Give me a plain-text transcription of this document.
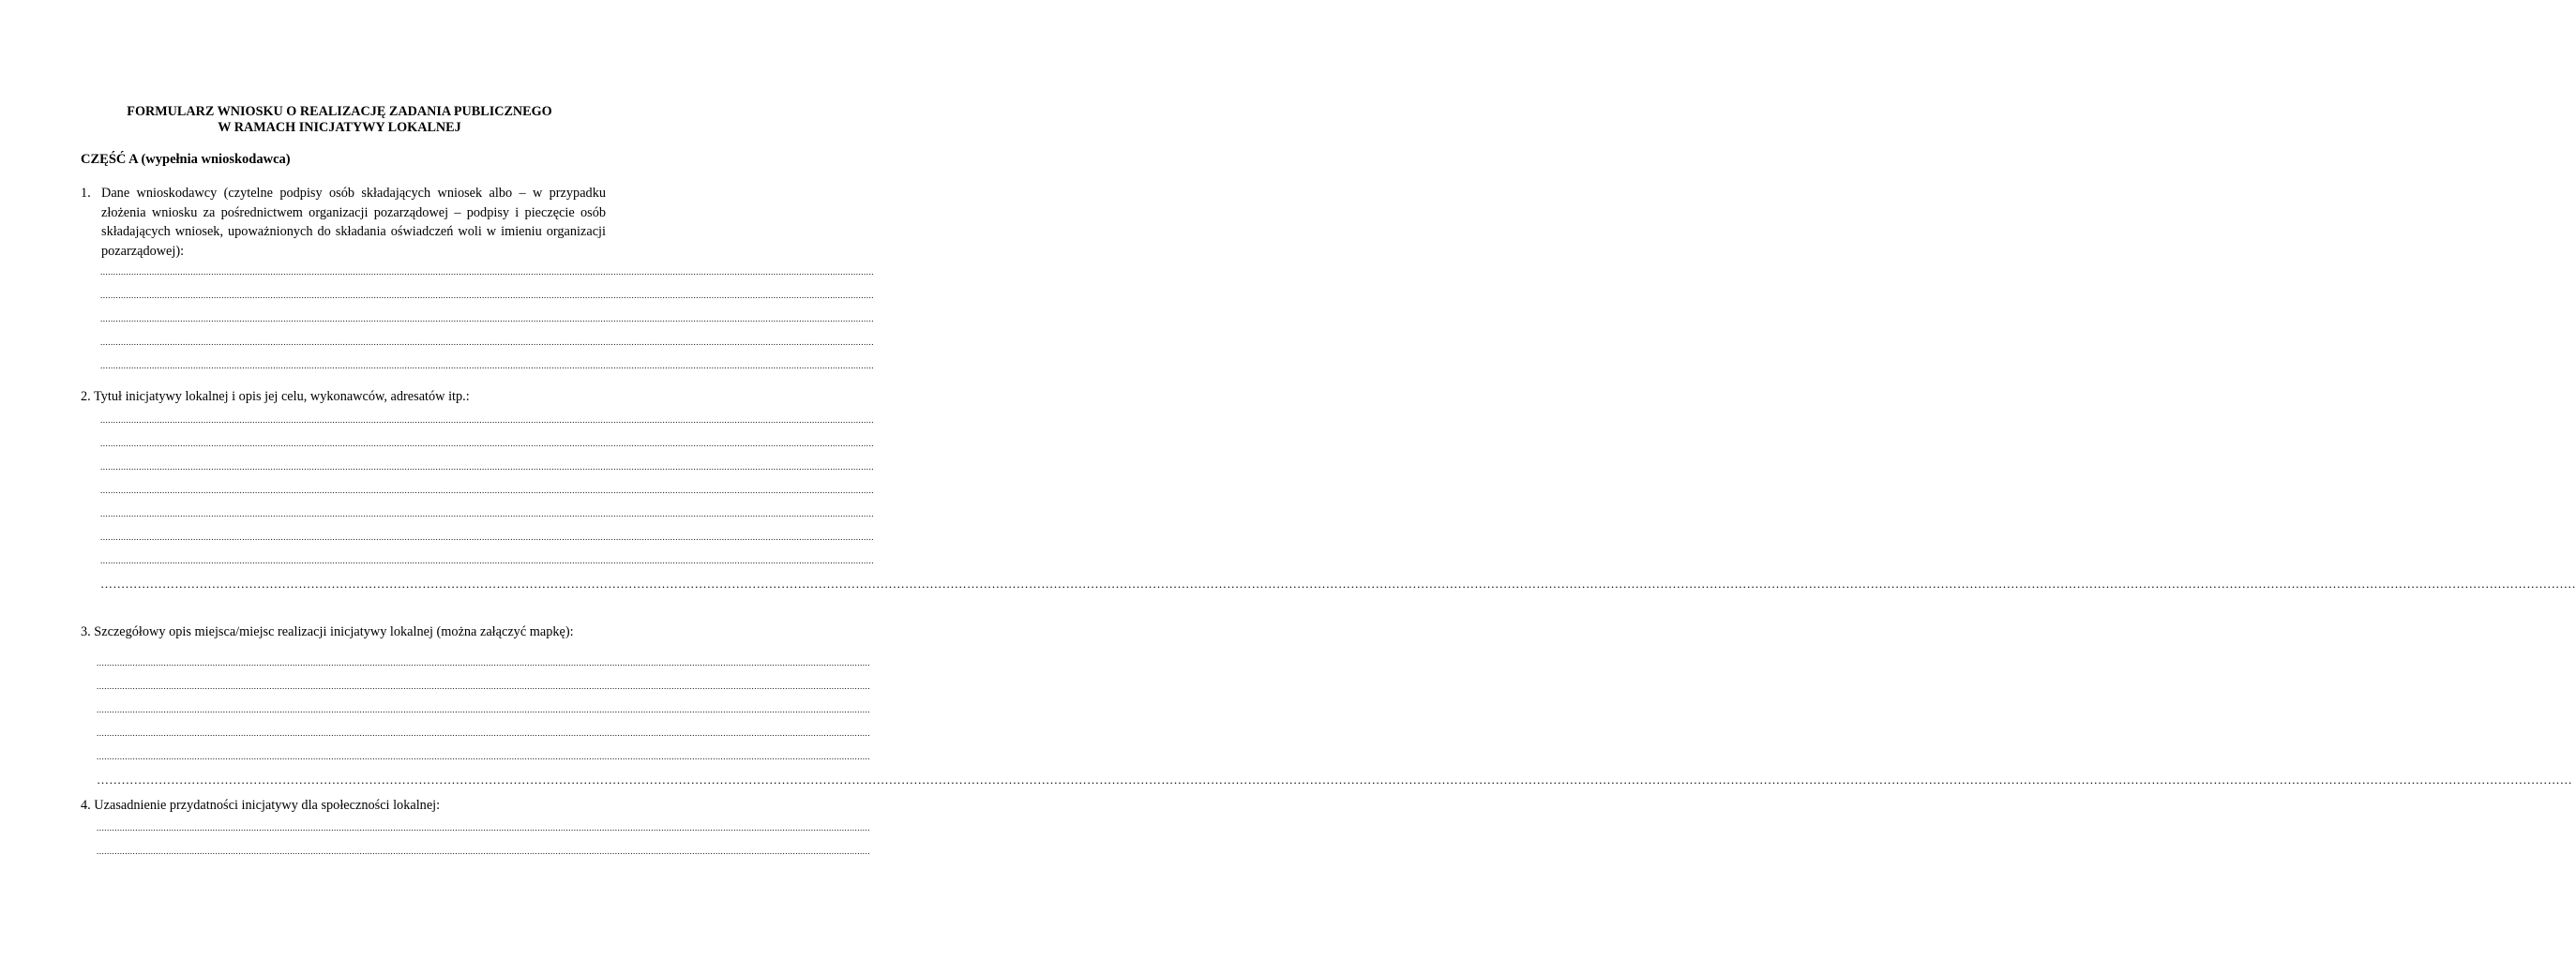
FORMULARZ WNIOSKU O REALIZACJĘ ZADANIA PUBLICZNEGO
W RAMACH INICJATYWY LOKALNEJ
CZĘŚĆ A (wypełnia wnioskodawca)
1. Dane wnioskodawcy (czytelne podpisy osób składających wniosek albo – w przypadku złożenia wniosku za pośrednictwem organizacji pozarządowej – podpisy i pieczęcie osób składających wniosek, upoważnionych do składania oświadczeń woli w imieniu organizacji pozarządowej):
............................................................................................................................................................................................................................................................................................................
............................................................................................................................................................................................................................................................................................................
............................................................................................................................................................................................................................................................................................................
............................................................................................................................................................................................................................................................................................................
............................................................................................................................................................................................................................................................................................................
2. Tytuł inicjatywy lokalnej i opis jej celu, wykonawców, adresatów itp.:
............................................................................................................................................................................................................................................................................................................
............................................................................................................................................................................................................................................................................................................
............................................................................................................................................................................................................................................................................................................
............................................................................................................................................................................................................................................................................................................
............................................................................................................................................................................................................................................................................................................
............................................................................................................................................................................................................................................................................................................
............................................................................................................................................................................................................................................................................................................
……………………………………………………………………………………………………………………………………………………………………………………………………………………………………………………………………………………………………………………………………………………………………………………………………………………………………………………………………………………………………………………………………………………
3. Szczegółowy opis miejsca/miejsc realizacji inicjatywy lokalnej (można załączyć mapkę):
............................................................................................................................................................................................................................................................................................................
............................................................................................................................................................................................................................................................................................................
............................................................................................................................................................................................................................................................................................................
............................................................................................................................................................................................................................................................................................................
............................................................................................................................................................................................................................................................................................................
……………………………………………………………………………………………………………………………………………………………………………………………………………………………………………………………………………………………………………………………………………………………………………………………………………………………………………………………………………………………………………………………………………………
4. Uzasadnienie przydatności inicjatywy dla społeczności lokalnej:
............................................................................................................................................................................................................................................................................................................
............................................................................................................................................................................................................................................................................................................
